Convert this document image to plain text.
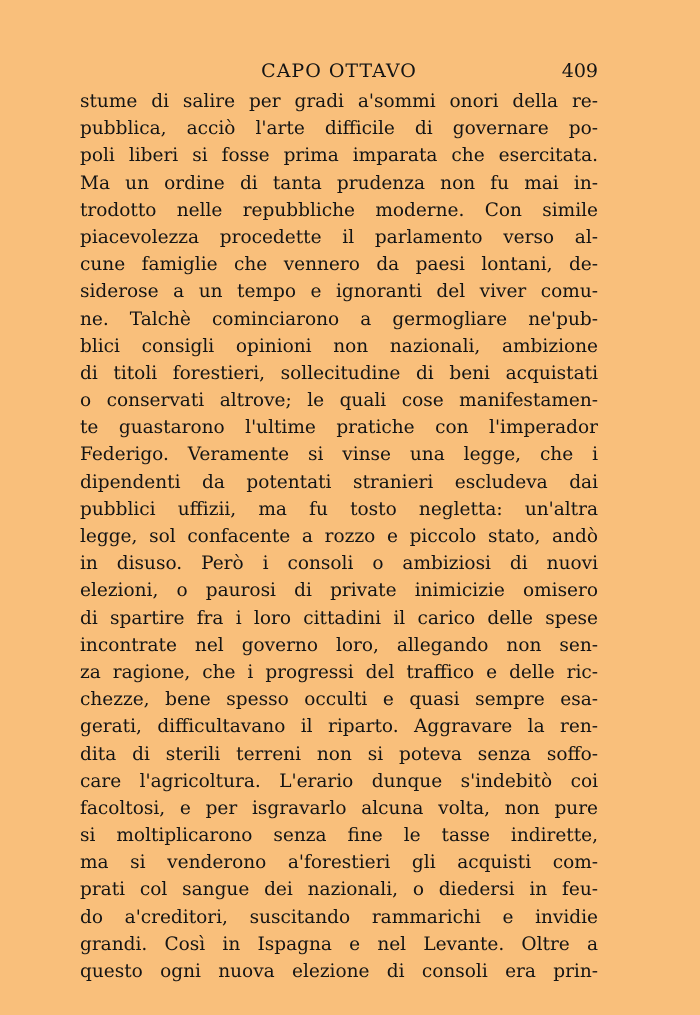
CAPO OTTAVO	409
stume di salire per gradi a'sommi onori della re-
pubblica, acciò l'arte difficile di governare po-
poli liberi si fosse prima imparata che esercitata.
Ma un ordine di tanta prudenza non fu mai in-
trodotto nelle repubbliche moderne. Con simile
piacevolezza procedette il parlamento verso al-
cune famiglie che vennero da paesi lontani, de-
siderose a un tempo e ignoranti del viver comu-
ne. Talchè cominciarono a germogliare ne'pub-
blici consigli opinioni non nazionali, ambizione
di titoli forestieri, sollecitudine di beni acquistati
o conservati altrove; le quali cose manifestamen-
te guastarono l'ultime pratiche con l'imperador
Federigo. Veramente si vinse una legge, che i
dipendenti da potentati stranieri escludeva dai
pubblici uffizii, ma fu tosto negletta: un'altra
legge, sol confacente a rozzo e piccolo stato, andò
in disuso. Però i consoli o ambiziosi di nuovi
elezioni, o paurosi di private inimicizie omisero
di spartire fra i loro cittadini il carico delle spese
incontrate nel governo loro, allegando non sen-
za ragione, che i progressi del traffico e delle ric-
chezze, bene spesso occulti e quasi sempre esa-
gerati, difficultavano il riparto. Aggravare la ren-
dita di sterili terreni non si poteva senza soffo-
care l'agricoltura. L'erario dunque s'indebitò coi
facoltosi, e per isgravarlo alcuna volta, non pure
si moltiplicarono senza fine le tasse indirette,
ma si venderono a'forestieri gli acquisti com-
prati col sangue dei nazionali, o diedersi in feu-
do a'creditori, suscitando rammarichi e invidie
grandi. Così in Ispagna e nel Levante. Oltre a
questo ogni nuova elezione di consoli era prin-
